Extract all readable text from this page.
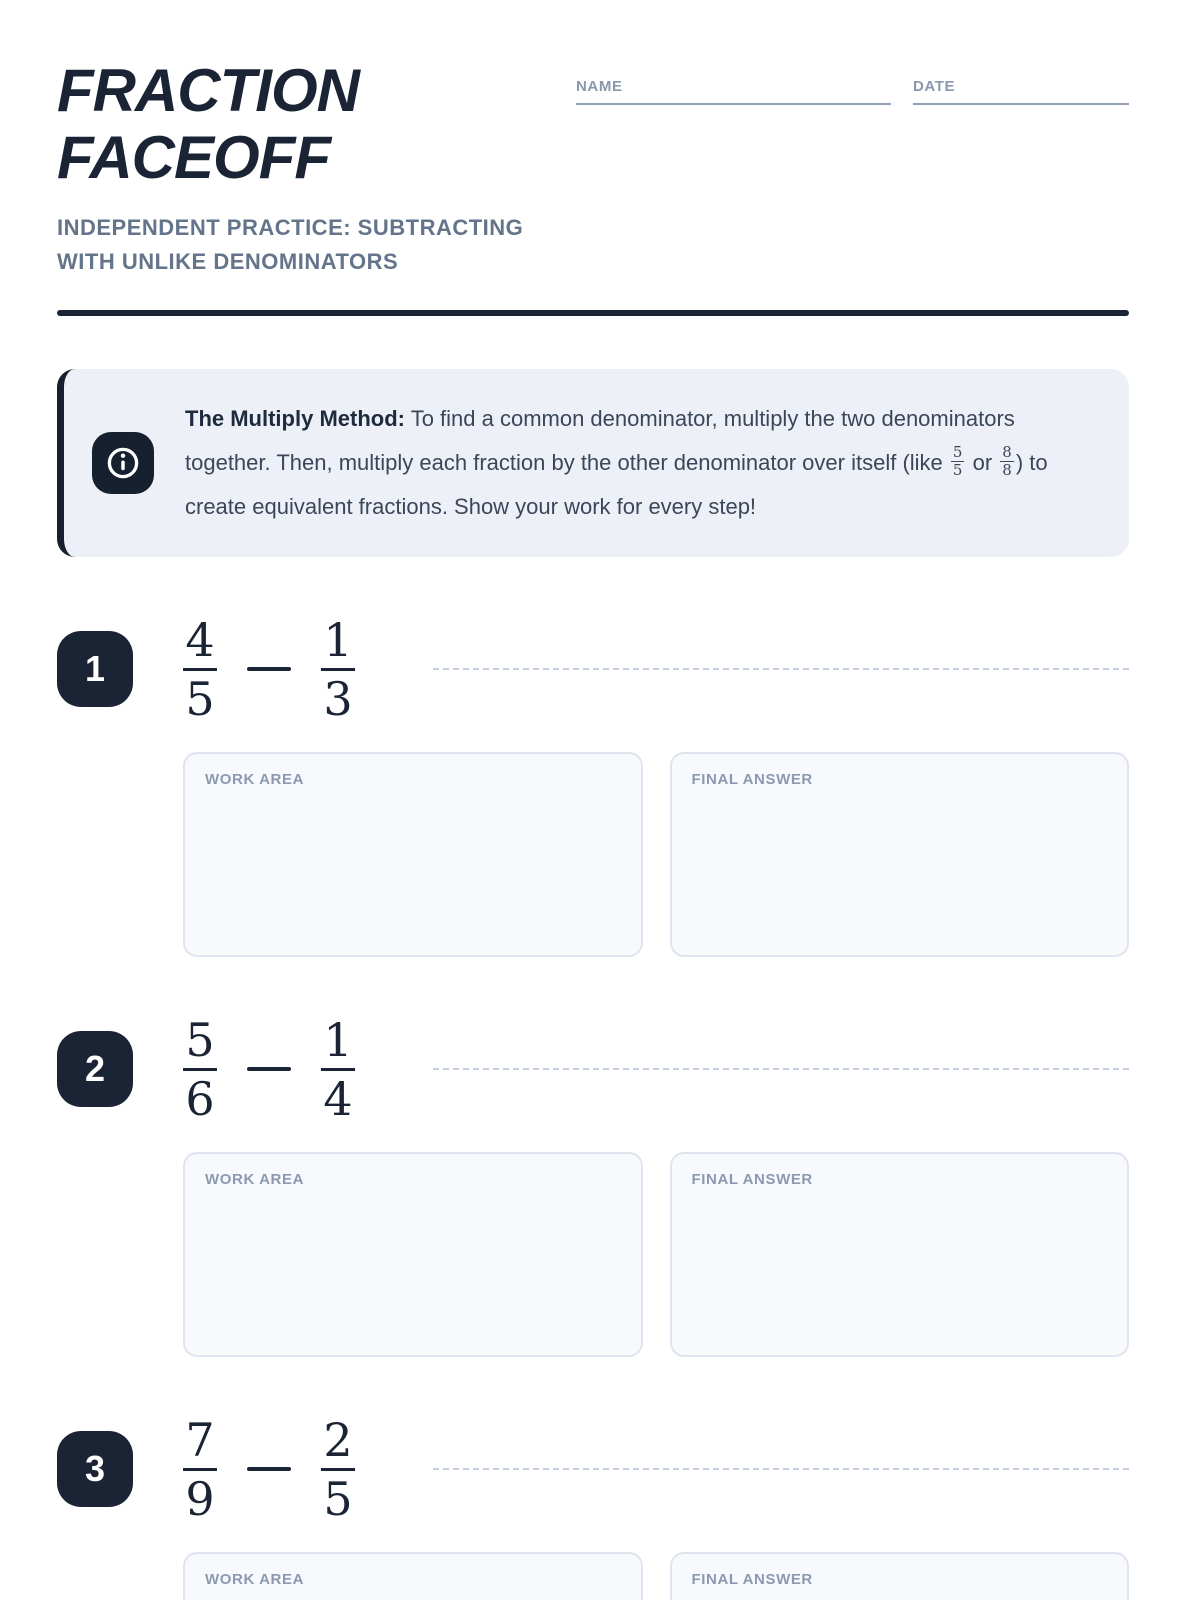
FRACTION
FACEOFF
INDEPENDENT PRACTICE: SUBTRACTING
WITH UNLIKE DENOMINATORS
NAME	DATE

The Multiply Method: To find a common denominator, multiply the two denominators together. Then, multiply each fraction by the other denominator over itself (like $\frac{5}{5}$ or $\frac{8}{8}$ ) to create equivalent fractions. Show your work for every step!

$1 \frac{4}{5} \frac{1}{3}$
WORK AREA	FINAL ANSWER
$2 \frac{5}{6} \frac{1}{4}$
WORK AREA	FINAL ANSWER
$3 \frac{7}{9} \frac{2}{5}$
WORK AREA	FINAL ANSWER
